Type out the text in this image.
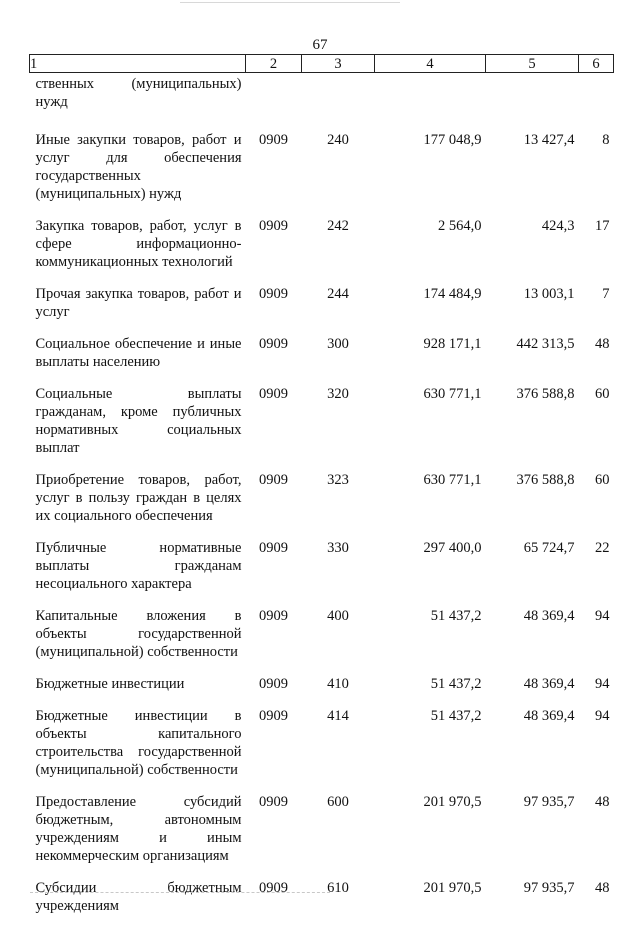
67
1	2	3	4	5	6
ственных (муниципальных) нужд					
Иные закупки товаров, работ и услуг для обеспечения государственных (муниципальных) нужд	0909	240	177 048,9	13 427,4	8
Закупка товаров, работ, услуг в сфере информационно-коммуникационных технологий	0909	242	2 564,0	424,3	17
Прочая закупка товаров, работ и услуг	0909	244	174 484,9	13 003,1	7
Социальное обеспечение и иные выплаты населению	0909	300	928 171,1	442 313,5	48
Социальные выплаты гражданам, кроме публичных нормативных социальных выплат	0909	320	630 771,1	376 588,8	60
Приобретение товаров, работ, услуг в пользу граждан в целях их социального обеспечения	0909	323	630 771,1	376 588,8	60
Публичные нормативные выплаты гражданам несоциального характера	0909	330	297 400,0	65 724,7	22
Капитальные вложения в объекты государственной (муниципальной) собственности	0909	400	51 437,2	48 369,4	94
Бюджетные инвестиции	0909	410	51 437,2	48 369,4	94
Бюджетные инвестиции в объекты капитального строительства государственной (муниципальной) собственности	0909	414	51 437,2	48 369,4	94
Предоставление субсидий бюджетным, автономным учреждениям и иным некоммерческим организациям	0909	600	201 970,5	97 935,7	48
Субсидии бюджетным учреждениям	0909	610	201 970,5	97 935,7	48
